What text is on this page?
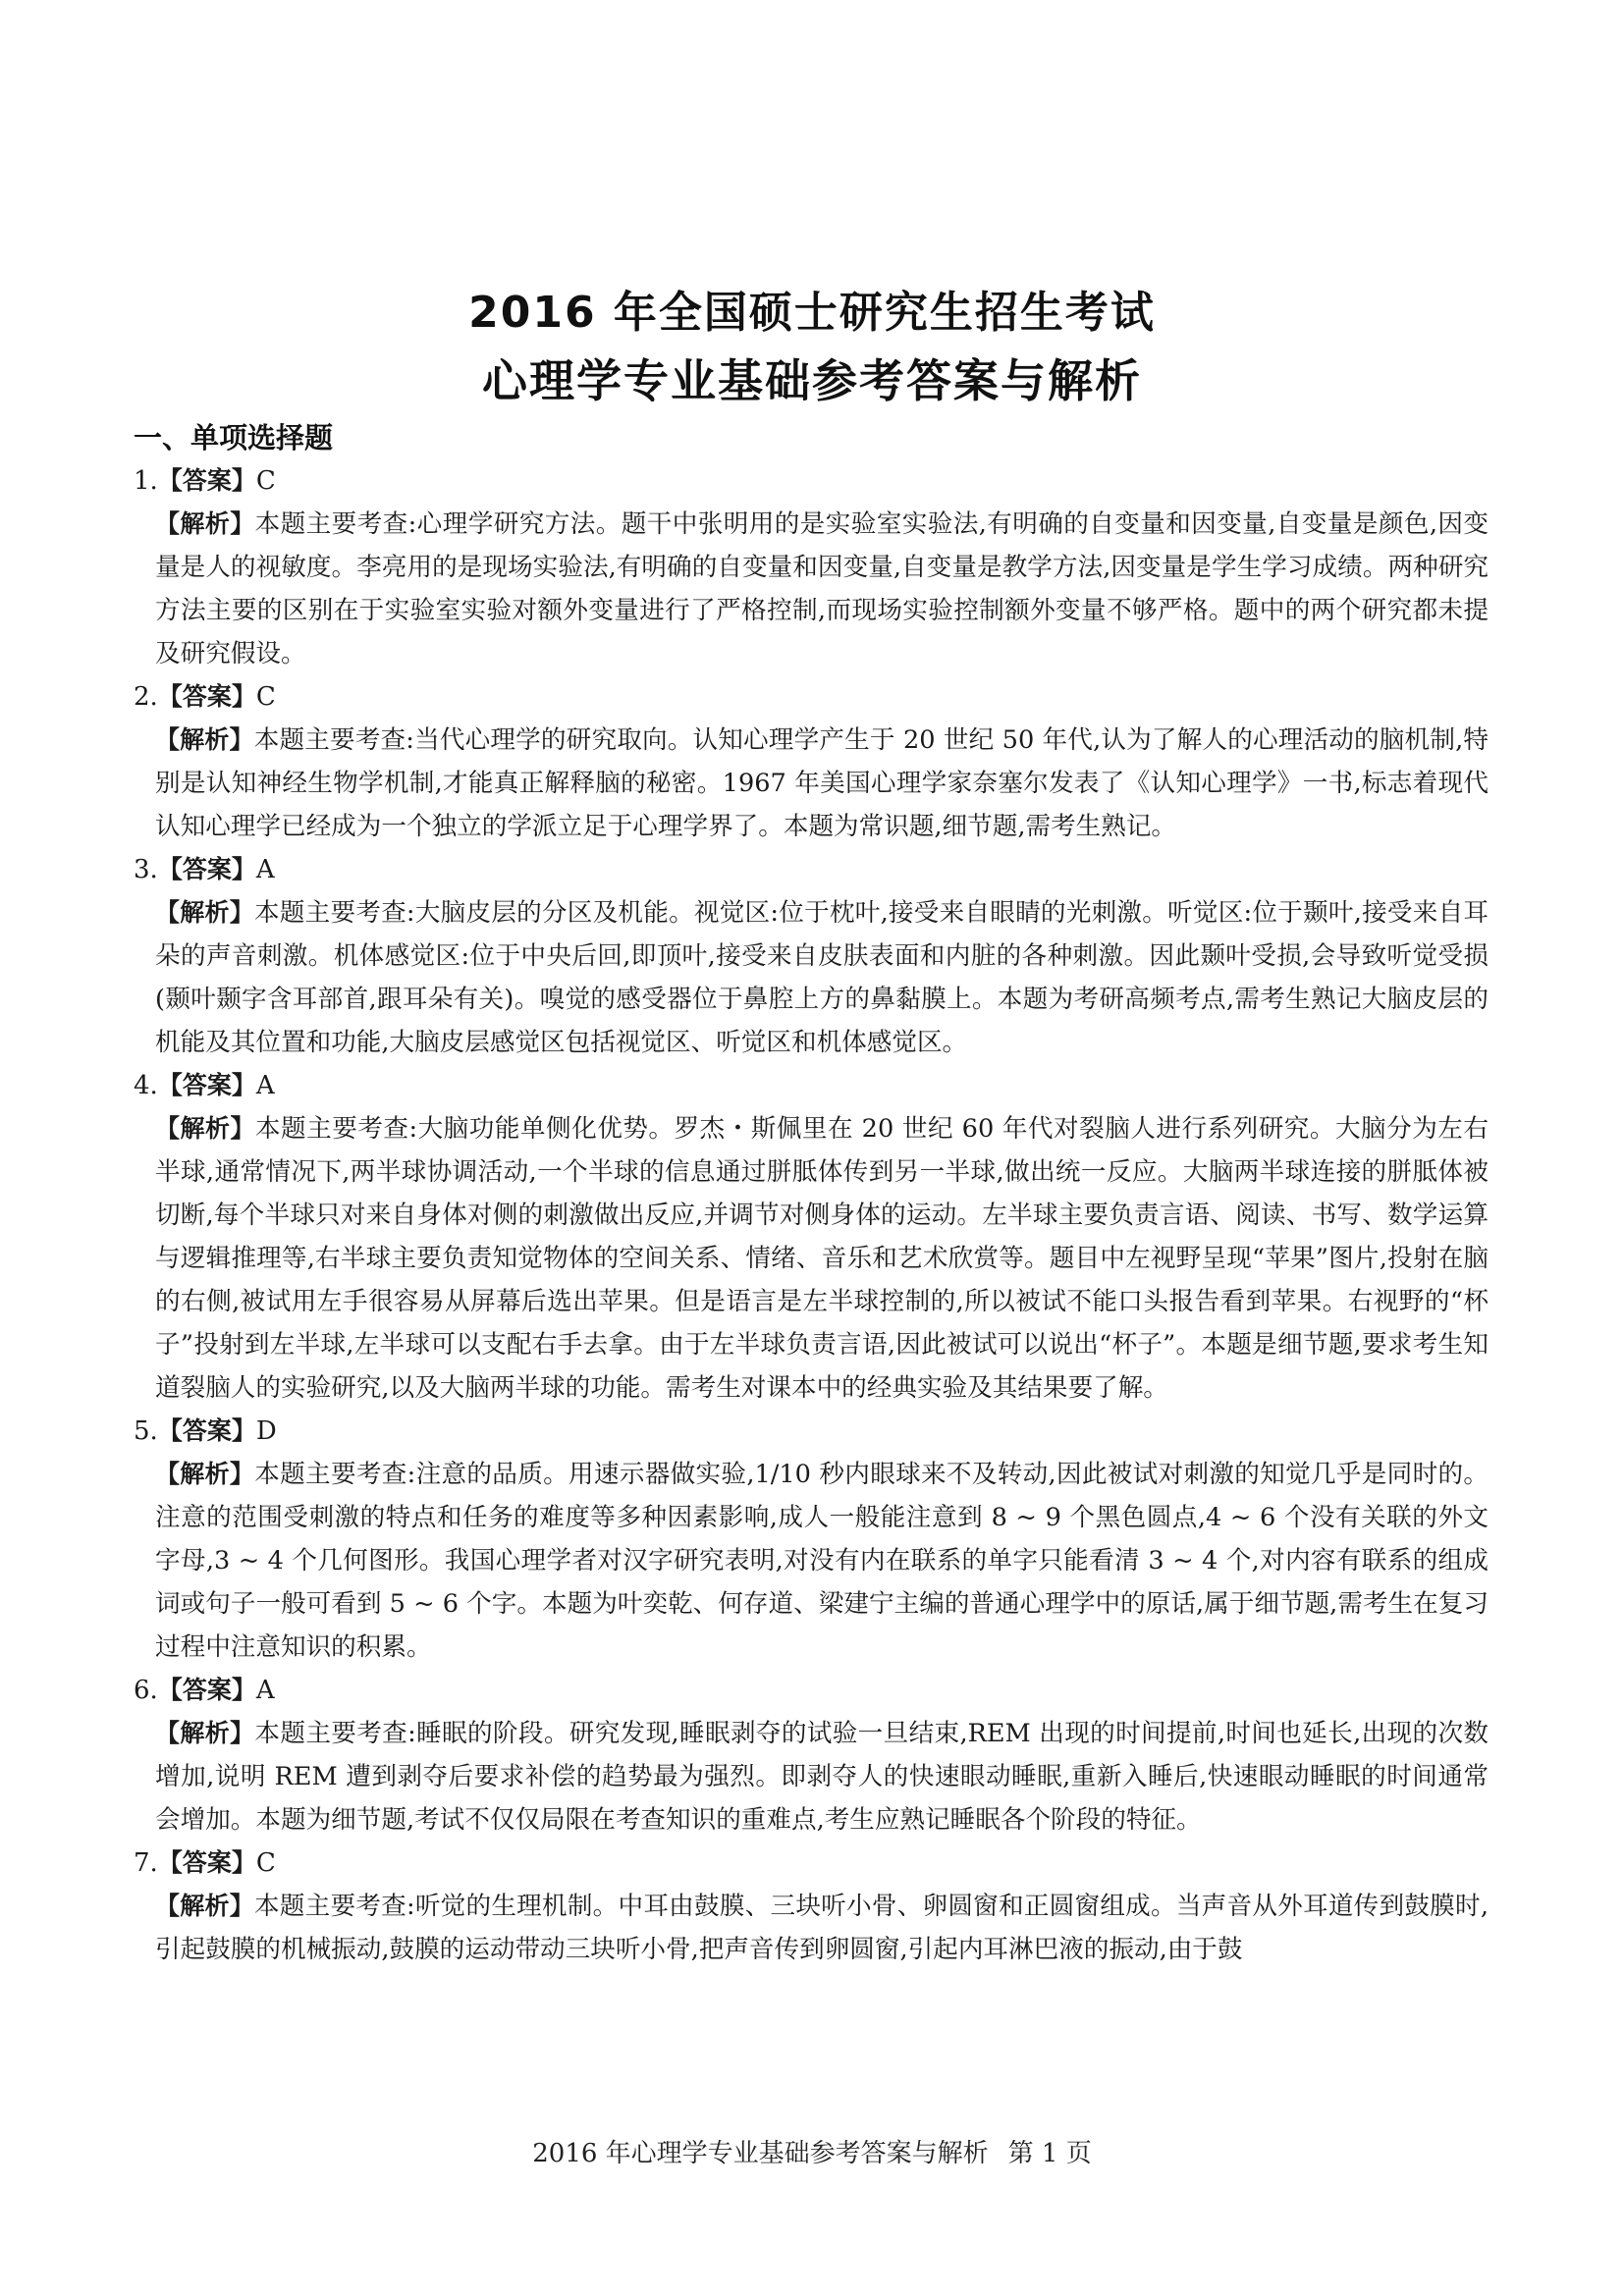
2016 年全国硕士研究生招生考试
心理学专业基础参考答案与解析
一、单项选择题
1.【答案】C

【解析】本题主要考查:心理学研究方法。题干中张明用的是实验室实验法,有明确的自变量和因变量,自变量是颜色,因变量是人的视敏度。李亮用的是现场实验法,有明确的自变量和因变量,自变量是教学方法,因变量是学生学习成绩。两种研究方法主要的区别在于实验室实验对额外变量进行了严格控制,而现场实验控制额外变量不够严格。题中的两个研究都未提及研究假设。

2.【答案】C

【解析】本题主要考查:当代心理学的研究取向。认知心理学产生于 20 世纪 50 年代,认为了解人的心理活动的脑机制,特别是认知神经生物学机制,才能真正解释脑的秘密。1967 年美国心理学家奈塞尔发表了《认知心理学》一书,标志着现代认知心理学已经成为一个独立的学派立足于心理学界了。本题为常识题,细节题,需考生熟记。

3.【答案】A

【解析】本题主要考查:大脑皮层的分区及机能。视觉区:位于枕叶,接受来自眼睛的光刺激。听觉区:位于颞叶,接受来自耳朵的声音刺激。机体感觉区:位于中央后回,即顶叶,接受来自皮肤表面和内脏的各种刺激。因此颞叶受损,会导致听觉受损(颞叶颞字含耳部首,跟耳朵有关)。嗅觉的感受器位于鼻腔上方的鼻黏膜上。本题为考研高频考点,需考生熟记大脑皮层的机能及其位置和功能,大脑皮层感觉区包括视觉区、听觉区和机体感觉区。

4.【答案】A

【解析】本题主要考查:大脑功能单侧化优势。罗杰・斯佩里在 20 世纪 60 年代对裂脑人进行系列研究。大脑分为左右半球,通常情况下,两半球协调活动,一个半球的信息通过胼胝体传到另一半球,做出统一反应。大脑两半球连接的胼胝体被切断,每个半球只对来自身体对侧的刺激做出反应,并调节对侧身体的运动。左半球主要负责言语、阅读、书写、数学运算与逻辑推理等,右半球主要负责知觉物体的空间关系、情绪、音乐和艺术欣赏等。题目中左视野呈现“苹果”图片,投射在脑的右侧,被试用左手很容易从屏幕后选出苹果。但是语言是左半球控制的,所以被试不能口头报告看到苹果。右视野的“杯子”投射到左半球,左半球可以支配右手去拿。由于左半球负责言语,因此被试可以说出“杯子”。本题是细节题,要求考生知道裂脑人的实验研究,以及大脑两半球的功能。需考生对课本中的经典实验及其结果要了解。

5.【答案】D

【解析】本题主要考查:注意的品质。用速示器做实验,1/10 秒内眼球来不及转动,因此被试对刺激的知觉几乎是同时的。注意的范围受刺激的特点和任务的难度等多种因素影响,成人一般能注意到 8 ~ 9 个黑色圆点,4 ~ 6 个没有关联的外文字母,3 ~ 4 个几何图形。我国心理学者对汉字研究表明,对没有内在联系的单字只能看清 3 ~ 4 个,对内容有联系的组成词或句子一般可看到 5 ~ 6 个字。本题为叶奕乾、何存道、梁建宁主编的普通心理学中的原话,属于细节题,需考生在复习过程中注意知识的积累。

6.【答案】A

【解析】本题主要考查:睡眠的阶段。研究发现,睡眠剥夺的试验一旦结束,REM 出现的时间提前,时间也延长,出现的次数增加,说明 REM 遭到剥夺后要求补偿的趋势最为强烈。即剥夺人的快速眼动睡眠,重新入睡后,快速眼动睡眠的时间通常会增加。本题为细节题,考试不仅仅局限在考查知识的重难点,考生应熟记睡眠各个阶段的特征。

7.【答案】C

【解析】本题主要考查:听觉的生理机制。中耳由鼓膜、三块听小骨、卵圆窗和正圆窗组成。当声音从外耳道传到鼓膜时,引起鼓膜的机械振动,鼓膜的运动带动三块听小骨,把声音传到卵圆窗,引起内耳淋巴液的振动,由于鼓

2016 年心理学专业基础参考答案与解析 第 1 页
